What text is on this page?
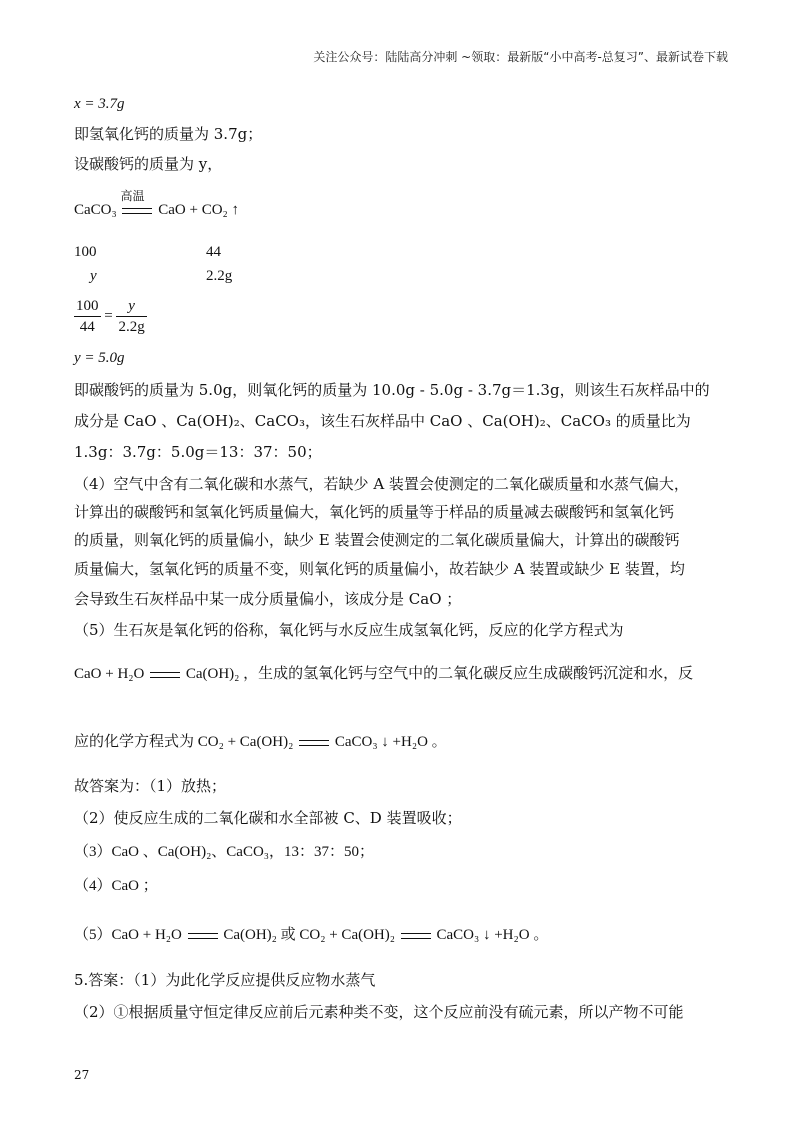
关注公众号：陆陆高分冲刺 ~领取：最新版“小中高考-总复习”、最新试卷下载
x = 3.7g
即氢氧化钙的质量为 3.7g；
设碳酸钙的质量为 y，
CaCO₃
高温
CaO + CO₂ ↑
100	44
y	2.2g
$\frac{100}{44} = \frac{y}{2.2g}$
y = 5.0g
即碳酸钙的质量为 5.0g，则氧化钙的质量为 10.0g - 5.0g - 3.7g＝1.3g，则该生石灰样品中的
成分是 CaO 、Ca(OH)₂、CaCO₃，该生石灰样品中 CaO 、Ca(OH)₂、CaCO₃ 的质量比为
1.3g：3.7g：5.0g＝13：37：50；
（4）空气中含有二氧化碳和水蒸气，若缺少 A 装置会使测定的二氧化碳质量和水蒸气偏大，
计算出的碳酸钙和氢氧化钙质量偏大，氧化钙的质量等于样品的质量减去碳酸钙和氢氧化钙
的质量，则氧化钙的质量偏小，缺少 E 装置会使测定的二氧化碳质量偏大，计算出的碳酸钙
质量偏大，氢氧化钙的质量不变，则氧化钙的质量偏小，故若缺少 A 装置或缺少 E 装置，均
会导致生石灰样品中某一成分质量偏小，该成分是 CaO ；
（5）生石灰是氧化钙的俗称，氧化钙与水反应生成氢氧化钙，反应的化学方程式为
CaO + H₂O	Ca(OH)₂ ，生成的氢氧化钙与空气中的二氧化碳反应生成碳酸钙沉淀和水，反
应的化学方程式为 CO₂ + Ca(OH)₂	CaCO₃ ↓ +H₂O 。
故答案为：（1）放热；
（2）使反应生成的二氧化碳和水全部被 C、D 装置吸收；
（3）CaO 、Ca(OH)₂、CaCO₃，13：37：50；
（4）CaO ；
（5）CaO + H₂O	Ca(OH)₂ 或 CO₂ + Ca(OH)₂	CaCO₃ ↓ +H₂O 。
5.答案：（1）为此化学反应提供反应物水蒸气
（2）①根据质量守恒定律反应前后元素种类不变，这个反应前没有硫元素，所以产物不可能
27
